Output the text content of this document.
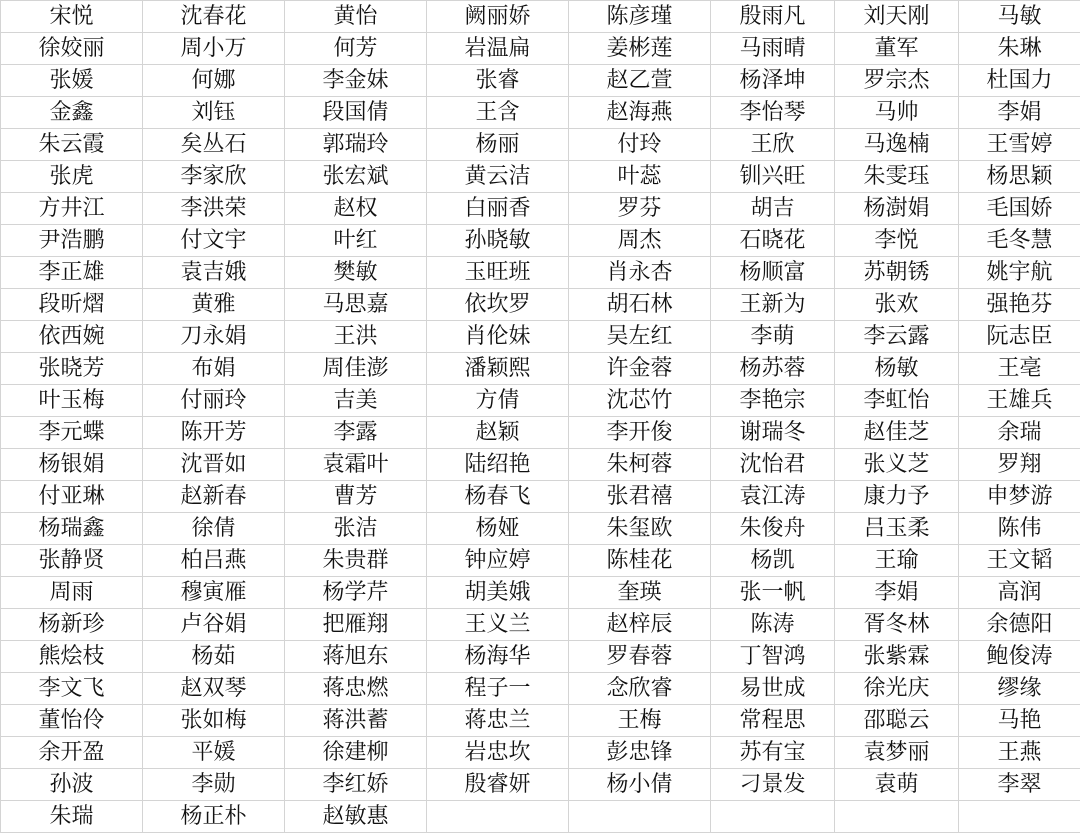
宋悦	沈春花	黄怡	阙丽娇	陈彦瑾	殷雨凡	刘天刚	马敏
徐姣丽	周小万	何芳	岩温扁	姜彬莲	马雨晴	董军	朱琳
张媛	何娜	李金妹	张睿	赵乙萱	杨泽坤	罗宗杰	杜国力
金鑫	刘钰	段国倩	王含	赵海燕	李怡琴	马帅	李娟
朱云霞	矣丛石	郭瑞玲	杨丽	付玲	王欣	马逸楠	王雪婷
张虎	李家欣	张宏斌	黄云洁	叶蕊	钏兴旺	朱雯珏	杨思颖
方井江	李洪荣	赵权	白丽香	罗芬	胡吉	杨澍娟	毛国娇
尹浩鹏	付文宇	叶红	孙晓敏	周杰	石晓花	李悦	毛冬慧
李正雄	袁吉娥	樊敏	玉旺班	肖永杏	杨顺富	苏朝锈	姚宇航
段昕熠	黄雅	马思嘉	依坎罗	胡石林	王新为	张欢	强艳芬
依西婉	刀永娟	王洪	肖伦妹	吴左红	李萌	李云露	阮志臣
张晓芳	布娟	周佳澎	潘颖熙	许金蓉	杨苏蓉	杨敏	王亳
叶玉梅	付丽玲	吉美	方倩	沈芯竹	李艳宗	李虹怡	王雄兵
李元蝶	陈开芳	李露	赵颖	李开俊	谢瑞冬	赵佳芝	余瑞
杨银娟	沈晋如	袁霜叶	陆绍艳	朱柯蓉	沈怡君	张义芝	罗翔
付亚琳	赵新春	曹芳	杨春飞	张君禧	袁江涛	康力予	申梦游
杨瑞鑫	徐倩	张洁	杨娅	朱玺欧	朱俊舟	吕玉柔	陈伟
张静贤	柏吕燕	朱贵群	钟应婷	陈桂花	杨凯	王瑜	王文韬
周雨	穆寅雁	杨学芹	胡美娥	奎瑛	张一帆	李娟	高润
杨新珍	卢谷娟	把雁翔	王义兰	赵梓辰	陈涛	胥冬林	余德阳
熊烩枝	杨茹	蒋旭东	杨海华	罗春蓉	丁智鸿	张紫霖	鲍俊涛
李文飞	赵双琴	蒋忠燃	程子一	念欣睿	易世成	徐光庆	缪缘
董怡伶	张如梅	蒋洪蓄	蒋忠兰	王梅	常程思	邵聪云	马艳
余开盈	平媛	徐建柳	岩忠坎	彭忠锋	苏有宝	袁梦丽	王燕
孙波	李勋	李红娇	殷睿妍	杨小倩	刁景发	袁萌	李翠
朱瑞	杨正朴	赵敏惠					
